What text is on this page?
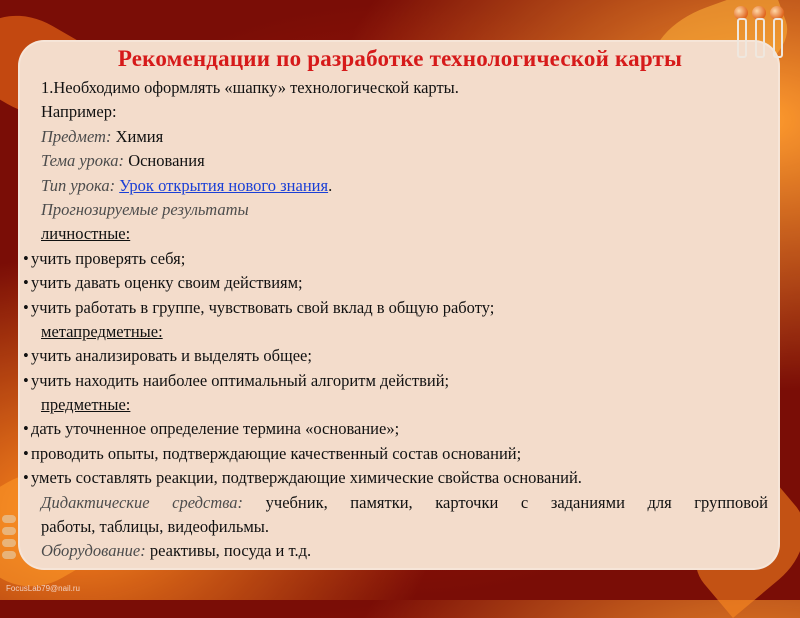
Рекомендации по разработке технологической карты
1.Необходимо оформлять «шапку» технологической карты.
Например:
Предмет: Химия
Тема урока: Основания
Тип урока: Урок открытия нового знания.
Прогнозируемые результаты
личностные:
• учить проверять себя;
• учить давать оценку своим действиям;
• учить работать в группе, чувствовать свой вклад в общую работу;
метапредметные:
• учить анализировать и выделять общее;
• учить находить наиболее оптимальный алгоритм действий;
предметные:
• дать уточненное определение термина «основание»;
• проводить опыты, подтверждающие качественный состав оснований;
• уметь составлять реакции, подтверждающие химические свойства оснований.
Дидактические средства: учебник, памятки, карточки с заданиями для групповой
работы, таблицы, видеофильмы.
Оборудование: реактивы, посуда и т.д.
FocusLab79@nail.ru
